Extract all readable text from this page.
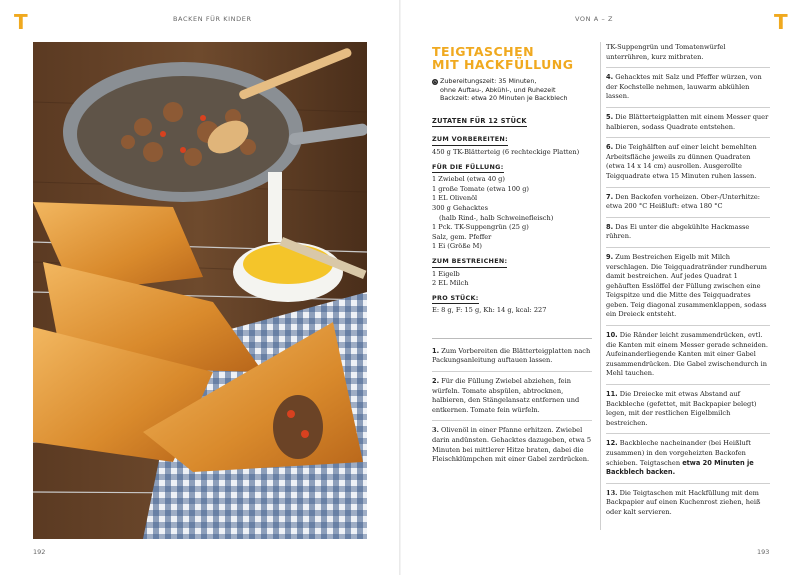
T	BACKEN FÜR KINDER	VON A – Z	T
TEIGTASCHEN
MIT HACKFÜLLUNG
◷ Zubereitungszeit: 35 Minuten,
ohne Auftau-, Abkühl-, und Ruhezeit
Backzeit: etwa 20 Minuten je Backblech
ZUTATEN FÜR 12 STÜCK
ZUM VORBEREITEN:
450 g TK-Blätterteig (6 rechteckige Platten)
FÜR DIE FÜLLUNG:
1 Zwiebel (etwa 40 g)
1 große Tomate (etwa 100 g)
1 EL Olivenöl
300 g Gehacktes
(halb Rind-, halb Schweinefleisch)
1 Pck. TK-Suppengrün (25 g)
Salz, gem. Pfeffer
1 Ei (Größe M)
ZUM BESTREICHEN:
1 Eigelb
2 EL Milch
PRO STÜCK:
E: 8 g, F: 15 g, Kh: 14 g, kcal: 227
1. Zum Vorbereiten die Blätterteigplatten nach Packungsanleitung auftauen lassen.
2. Für die Füllung Zwiebel abziehen, fein würfeln. Tomate abspülen, abtrocknen, halbieren, den Stängelansatz entfernen und entkernen. Tomate fein würfeln.
3. Olivenöl in einer Pfanne erhitzen. Zwiebel darin andünsten. Gehacktes dazugeben, etwa 5 Minuten bei mittlerer Hitze braten, dabei die Fleischklümpchen mit einer Gabel zerdrücken.
TK-Suppengrün und Tomatenwürfel unterrühren, kurz mitbraten.
4. Gehacktes mit Salz und Pfeffer würzen, von der Kochstelle nehmen, lauwarm abkühlen lassen.
5. Die Blätterteigplatten mit einem Messer quer halbieren, sodass Quadrate entstehen.
6. Die Teighälften auf einer leicht bemehlten Arbeitsfläche jeweils zu dünnen Quadraten (etwa 14 x 14 cm) ausrollen. Ausgerollte Teigquadrate etwa 15 Minuten ruhen lassen.
7. Den Backofen vorheizen. Ober-/Unterhitze: etwa 200 °C Heißluft: etwa 180 °C
8. Das Ei unter die abgekühlte Hackmasse rühren.
9. Zum Bestreichen Eigelb mit Milch verschlagen. Die Teigquadratränder rundherum damit bestreichen. Auf jedes Quadrat 1 gehäuften Esslöffel der Füllung zwischen eine Teigspitze und die Mitte des Teigquadrates geben. Teig diagonal zusammenklappen, sodass ein Dreieck entsteht.
10. Die Ränder leicht zusammendrücken, evtl. die Kanten mit einem Messer gerade schneiden. Aufeinanderliegende Kanten mit einer Gabel zusammendrücken. Die Gabel zwischendurch in Mehl tauchen.
11. Die Dreiecke mit etwas Abstand auf Backbleche (gefettet, mit Backpapier belegt) legen, mit der restlichen Eigelbmilch bestreichen.
12. Backbleche nacheinander (bei Heißluft zusammen) in den vorgeheizten Backofen schieben. Teigtaschen etwa 20 Minuten je Backblech backen.
13. Die Teigtaschen mit Hackfüllung mit dem Backpapier auf einen Kuchenrost ziehen, heiß oder kalt servieren.
192	193
